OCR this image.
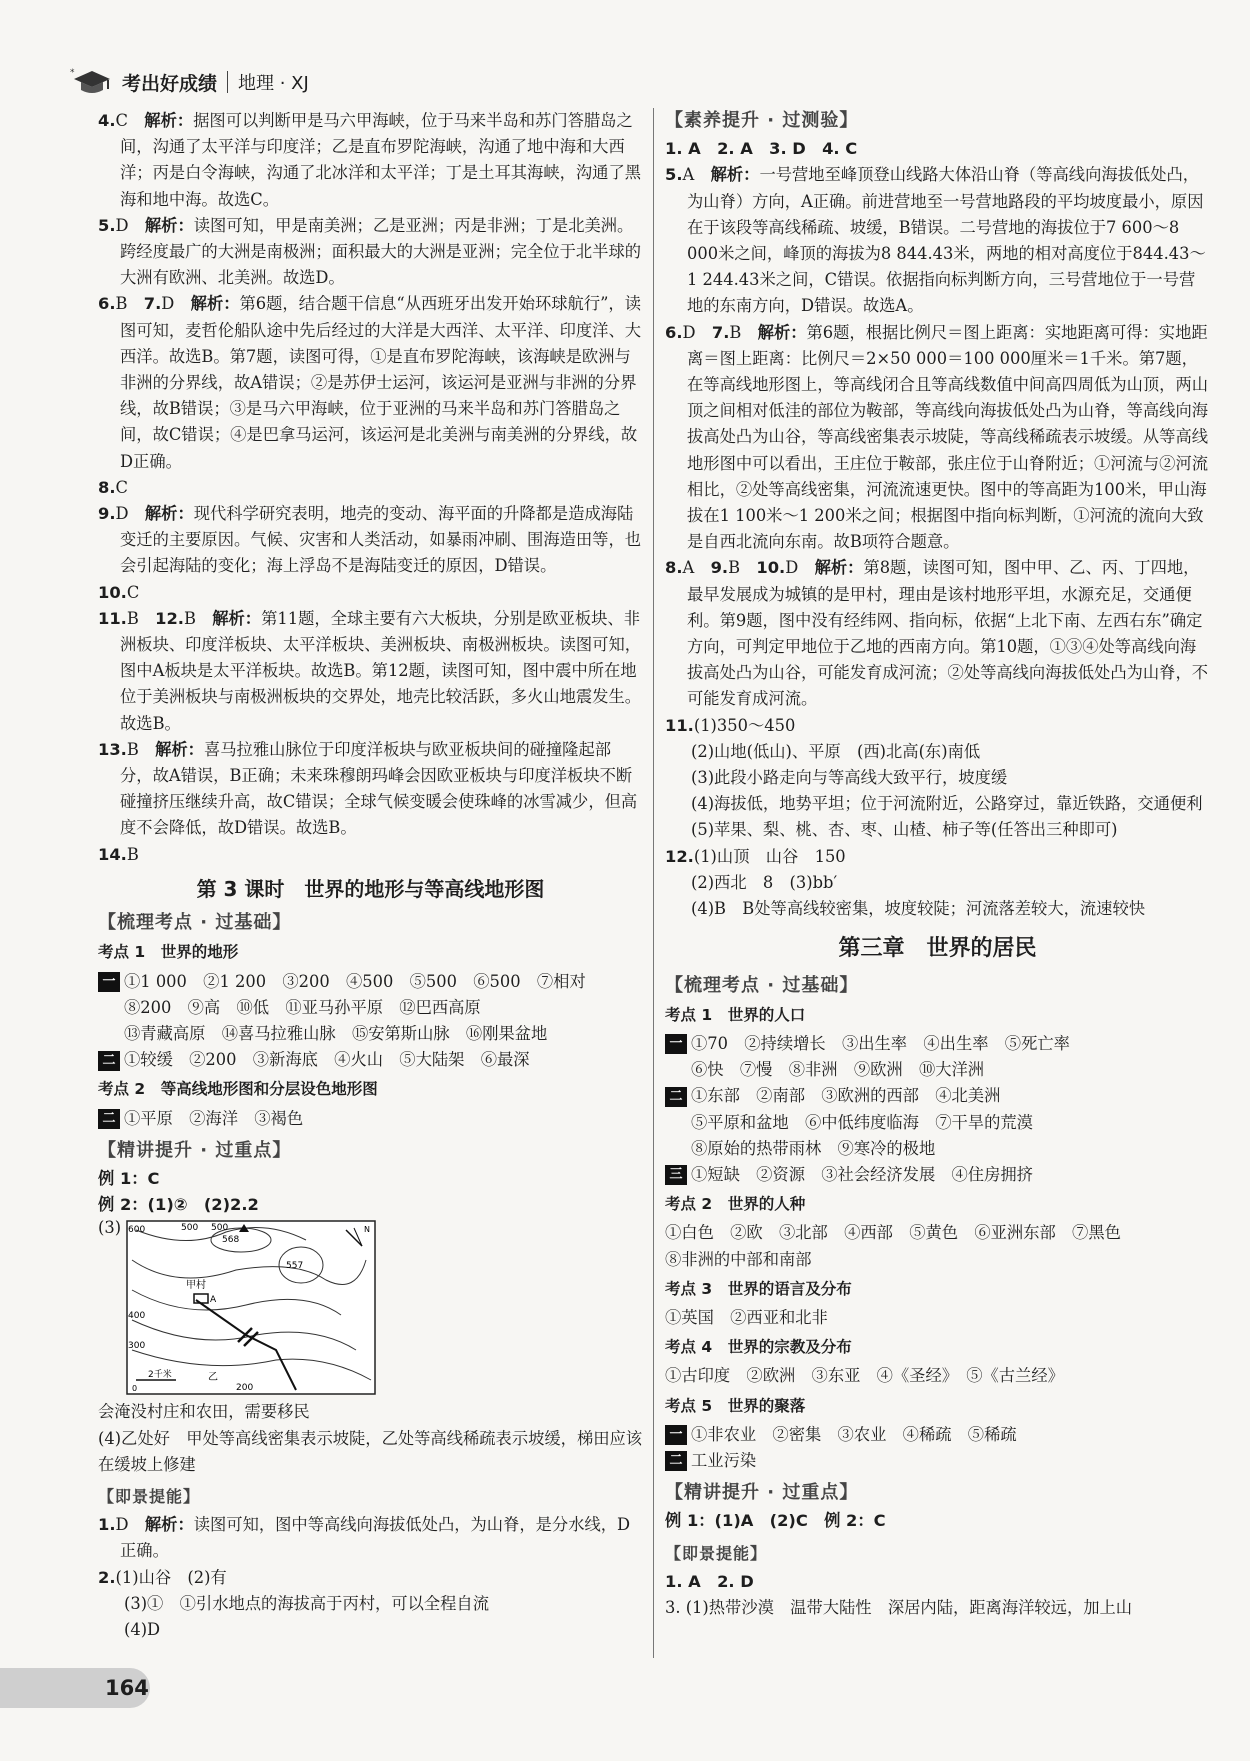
*	考出好成绩 地理 · XJ

4.C　 解析：据图可以判断甲是马六甲海峡，位于马来半岛和苏门答腊岛之间，沟通了太平洋与印度洋；乙是直布罗陀海峡，沟通了地中海和大西洋；丙是白令海峡，沟通了北冰洋和太平洋；丁是土耳其海峡，沟通了黑海和地中海。故选C。

5.D　 解析：读图可知，甲是南美洲；乙是亚洲；丙是非洲；丁是北美洲。跨经度最广的大洲是南极洲；面积最大的大洲是亚洲；完全位于北半球的大洲有欧洲、北美洲。故选D。

6.B　 7.D　 解析：第6题，结合题干信息“从西班牙出发开始环球航行”，读图可知，麦哲伦船队途中先后经过的大洋是大西洋、太平洋、印度洋、大西洋。故选B。第7题，读图可得，①是直布罗陀海峡，该海峡是欧洲与非洲的分界线，故A错误；②是苏伊士运河，该运河是亚洲与非洲的分界线，故B错误；③是马六甲海峡，位于亚洲的马来半岛和苏门答腊岛之间，故C错误；④是巴拿马运河，该运河是北美洲与南美洲的分界线，故D正确。

8.C

9.D　 解析：现代科学研究表明，地壳的变动、海平面的升降都是造成海陆变迁的主要原因。气候、灾害和人类活动，如暴雨冲刷、围海造田等，也会引起海陆的变化；海上浮岛不是海陆变迁的原因，D错误。

10.C

11.B　 12.B　 解析：第11题，全球主要有六大板块，分别是欧亚板块、非洲板块、印度洋板块、太平洋板块、美洲板块、南极洲板块。读图可知，图中A板块是太平洋板块。故选B。第12题，读图可知，图中震中所在地位于美洲板块与南极洲板块的交界处，地壳比较活跃，多火山地震发生。故选B。

13.B　 解析：喜马拉雅山脉位于印度洋板块与欧亚板块间的碰撞隆起部分，故A错误，B正确；未来珠穆朗玛峰会因欧亚板块与印度洋板块不断碰撞挤压继续升高，故C错误；全球气候变暖会使珠峰的冰雪减少，但高度不会降低，故D错误。故选B。

14.B

第 3 课时　世界的地形与等高线地形图
【梳理考点 · 过基础】

考点 1　 世界的地形

一 ①1 000　②1 200　③200　④500　⑤500　⑥500　⑦相对

⑧200　⑨高　⑩低　⑪亚马孙平原　⑫巴西高原

⑬青藏高原　⑭喜马拉雅山脉　⑮安第斯山脉　⑯刚果盆地

二 ①较缓　②200　③新海底　④火山　⑤大陆架　⑥最深

考点 2　 等高线地形图和分层设色地形图

二 ①平原　②海洋　③褐色

【精讲提升 · 过重点】

例 1：C

例 2：(1)②　(2)2.2

(3) 600	500 500
568
557
甲村
A
400
300
200
乙
2千米
0
N

会淹没村庄和农田，需要移民

(4)乙处好　甲处等高线密集表示坡陡，乙处等高线稀疏表示坡缓，梯田应该在缓坡上修建

【即景提能】

1.D　 解析：读图可知，图中等高线向海拔低处凸，为山脊，是分水线，D正确。

2.(1)山谷　(2)有

(3)①　①引水地点的海拔高于丙村，可以全程自流

(4)D

【素养提升 · 过测验】

1. A　2. A　3. D　4. C

5.A　 解析：一号营地至峰顶登山线路大体沿山脊（等高线向海拔低处凸，为山脊）方向，A正确。前进营地至一号营地路段的平均坡度最小，原因在于该段等高线稀疏、坡缓，B错误。二号营地的海拔位于7 600～8 000米之间，峰顶的海拔为8 844.43米，两地的相对高度位于844.43～1 244.43米之间，C错误。依据指向标判断方向，三号营地位于一号营地的东南方向，D错误。故选A。

6.D　 7.B　 解析：第6题，根据比例尺＝图上距离：实地距离可得：实地距离＝图上距离：比例尺＝2×50 000＝100 000厘米＝1千米。第7题，在等高线地形图上，等高线闭合且等高线数值中间高四周低为山顶，两山顶之间相对低洼的部位为鞍部，等高线向海拔低处凸为山脊，等高线向海拔高处凸为山谷，等高线密集表示坡陡，等高线稀疏表示坡缓。从等高线地形图中可以看出，王庄位于鞍部，张庄位于山脊附近；①河流与②河流相比，②处等高线密集，河流流速更快。图中的等高距为100米，甲山海拔在1 100米～1 200米之间；根据图中指向标判断，①河流的流向大致是自西北流向东南。故B项符合题意。

8.A　 9.B　 10.D　 解析：第8题，读图可知，图中甲、乙、丙、丁四地，最早发展成为城镇的是甲村，理由是该村地形平坦，水源充足，交通便利。第9题，图中没有经纬网、指向标，依据“上北下南、左西右东”确定方向，可判定甲地位于乙地的西南方向。第10题，①③④处等高线向海拔高处凸为山谷，可能发育成河流；②处等高线向海拔低处凸为山脊，不可能发育成河流。

11.(1)350～450

(2)山地(低山)、平原　(西)北高(东)南低

(3)此段小路走向与等高线大致平行，坡度缓

(4)海拔低，地势平坦；位于河流附近，公路穿过，靠近铁路，交通便利

(5)苹果、梨、桃、杏、枣、山楂、柿子等(任答出三种即可)

12.(1)山顶　山谷　150

(2)西北　8　(3)bb′

(4)B　B处等高线较密集，坡度较陡；河流落差较大，流速较快

第三章　世界的居民
【梳理考点 · 过基础】

考点 1　 世界的人口

一 ①70　②持续增长　③出生率　④出生率　⑤死亡率

⑥快　⑦慢　⑧非洲　⑨欧洲　⑩大洋洲

二 ①东部　②南部　③欧洲的西部　④北美洲

⑤平原和盆地　⑥中低纬度临海　⑦干旱的荒漠

⑧原始的热带雨林　⑨寒冷的极地

三 ①短缺　②资源　③社会经济发展　④住房拥挤

考点 2　 世界的人种

①白色　②欧　③北部　④西部　⑤黄色　⑥亚洲东部　⑦黑色

⑧非洲的中部和南部

考点 3　 世界的语言及分布

①英国　②西亚和北非

考点 4　 世界的宗教及分布

①古印度　②欧洲　③东亚　④《圣经》　⑤《古兰经》

考点 5　 世界的聚落

一 ①非农业　②密集　③农业　④稀疏　⑤稀疏

二 工业污染

【精讲提升 · 过重点】

例 1：(1)A　(2)C　例 2：C

【即景提能】

1. A　2. D

3. (1)热带沙漠　温带大陆性　深居内陆，距离海洋较远，加上山

164
